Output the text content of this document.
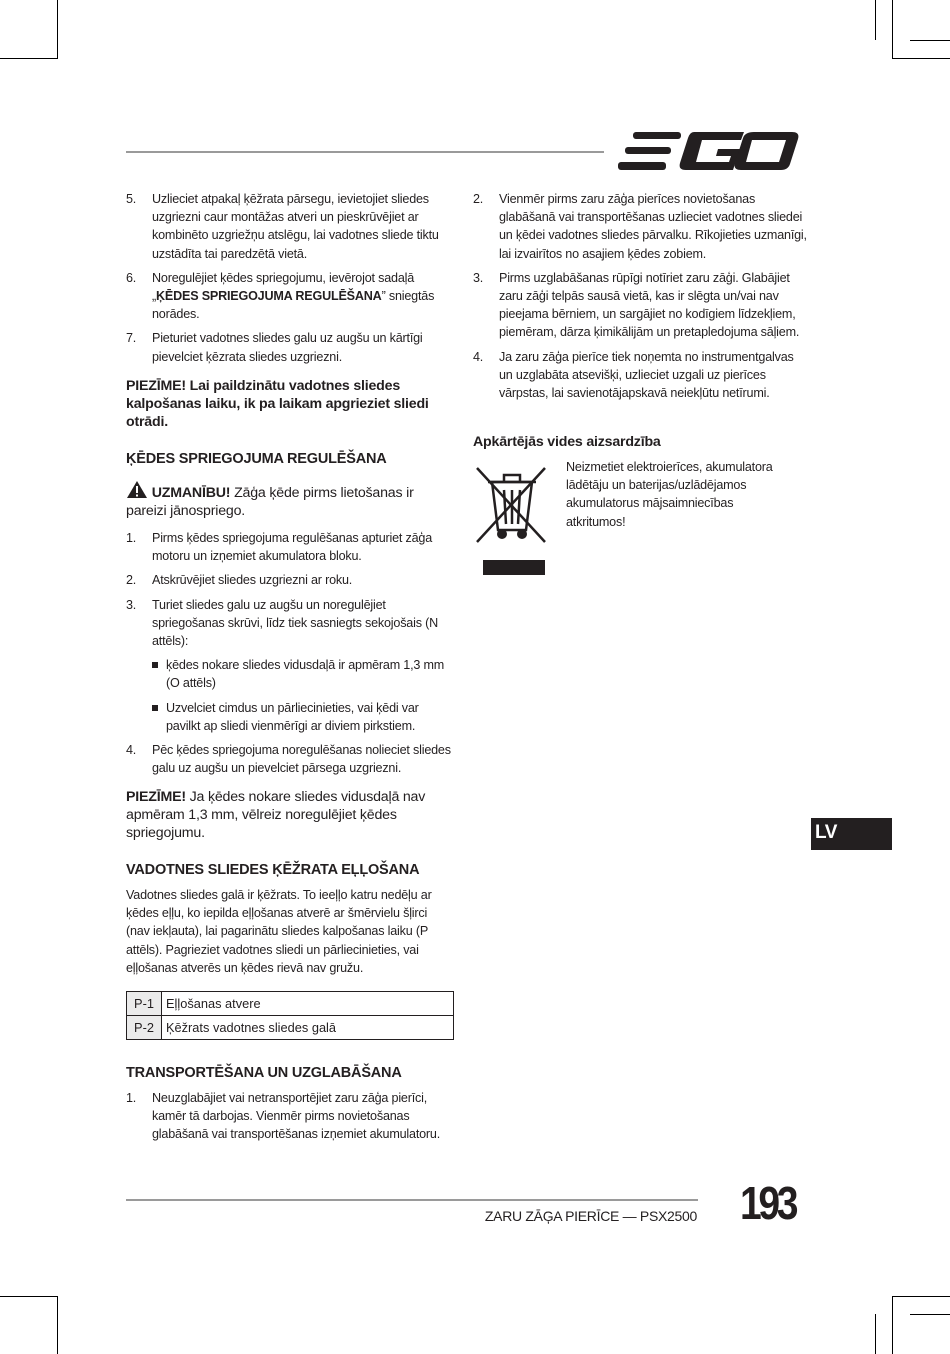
5. Uzlieciet atpakaļ ķēžrata pārsegu, ievietojiet sliedes uzgriezni caur montāžas atveri un pieskrūvējiet ar kombinēto uzgriežņu atslēgu, lai vadotnes sliede tiktu uzstādīta tai paredzētā vietā.
6. Noregulējiet ķēdes spriegojumu, ievērojot sadaļā „ĶĒDES SPRIEGOJUMA REGULĒŠANA” sniegtās norādes.
7. Pieturiet vadotnes sliedes galu uz augšu un kārtīgi pievelciet ķēzrata sliedes uzgriezni.
PIEZĪME! Lai paildzinātu vadotnes sliedes kalpošanas laiku, ik pa laikam apgrieziet sliedi otrādi.
ĶĒDES SPRIEGOJUMA REGULĒŠANA
UZMANĪBU! Zāģa ķēde pirms lietošanas ir pareizi jānospriego.
1. Pirms ķēdes spriegojuma regulēšanas apturiet zāģa motoru un izņemiet akumulatora bloku.
2. Atskrūvējiet sliedes uzgriezni ar roku.
3. Turiet sliedes galu uz augšu un noregulējiet spriegošanas skrūvi, līdz tiek sasniegts sekojošais (N attēls):
ķēdes nokare sliedes vidusdaļā ir apmēram 1,3 mm (O attēls)
Uzvelciet cimdus un pārliecinieties, vai ķēdi var pavilkt ap sliedi vienmērīgi ar diviem pirkstiem.
4. Pēc ķēdes spriegojuma noregulēšanas nolieciet sliedes galu uz augšu un pievelciet pārsega uzgriezni.
PIEZĪME! Ja ķēdes nokare sliedes vidusdaļā nav apmēram 1,3 mm, vēlreiz noregulējiet ķēdes spriegojumu.
VADOTNES SLIEDES ĶĒŽRATA EĻĻOŠANA
Vadotnes sliedes galā ir ķēžrats. To ieeļļo katru nedēļu ar ķēdes eļļu, ko iepilda eļļošanas atverē ar šmērvielu šļirci (nav iekļauta), lai pagarinātu sliedes kalpošanas laiku (P attēls). Pagrieziet vadotnes sliedi un pārliecinieties, vai eļļošanas atverēs un ķēdes rievā nav gružu.
P-1	Eļļošanas atvere
P-2	Ķēžrats vadotnes sliedes galā
TRANSPORTĒŠANA UN UZGLABĀŠANA
1. Neuzglabājiet vai netransportējiet zaru zāģa pierīci, kamēr tā darbojas. Vienmēr pirms novietošanas glabāšanā vai transportēšanas izņemiet akumulatoru.
2. Vienmēr pirms zaru zāģa pierīces novietošanas glabāšanā vai transportēšanas uzlieciet vadotnes sliedei un ķēdei vadotnes sliedes pārvalku. Rīkojieties uzmanīgi, lai izvairītos no asajiem ķēdes zobiem.
3. Pirms uzglabāšanas rūpīgi notīriet zaru zāģi. Glabājiet zaru zāģi telpās sausā vietā, kas ir slēgta un/vai nav pieejama bērniem, un sargājiet no kodīgiem līdzekļiem, piemēram, dārza ķimikālijām un pretapledojuma sāļiem.
4. Ja zaru zāģa pierīce tiek noņemta no instrumentgalvas un uzglabāta atsevišķi, uzlieciet uzgali uz pierīces vārpstas, lai savienotājapskavā neiekļūtu netīrumi.
Apkārtējās vides aizsardzība
Neizmetiet elektroierīces, akumulatora lādētāju un baterijas/uzlādējamos akumulatorus mājsaimniecības atkritumos!
LV
ZARU ZĀĢA PIERĪCE — PSX2500 193
